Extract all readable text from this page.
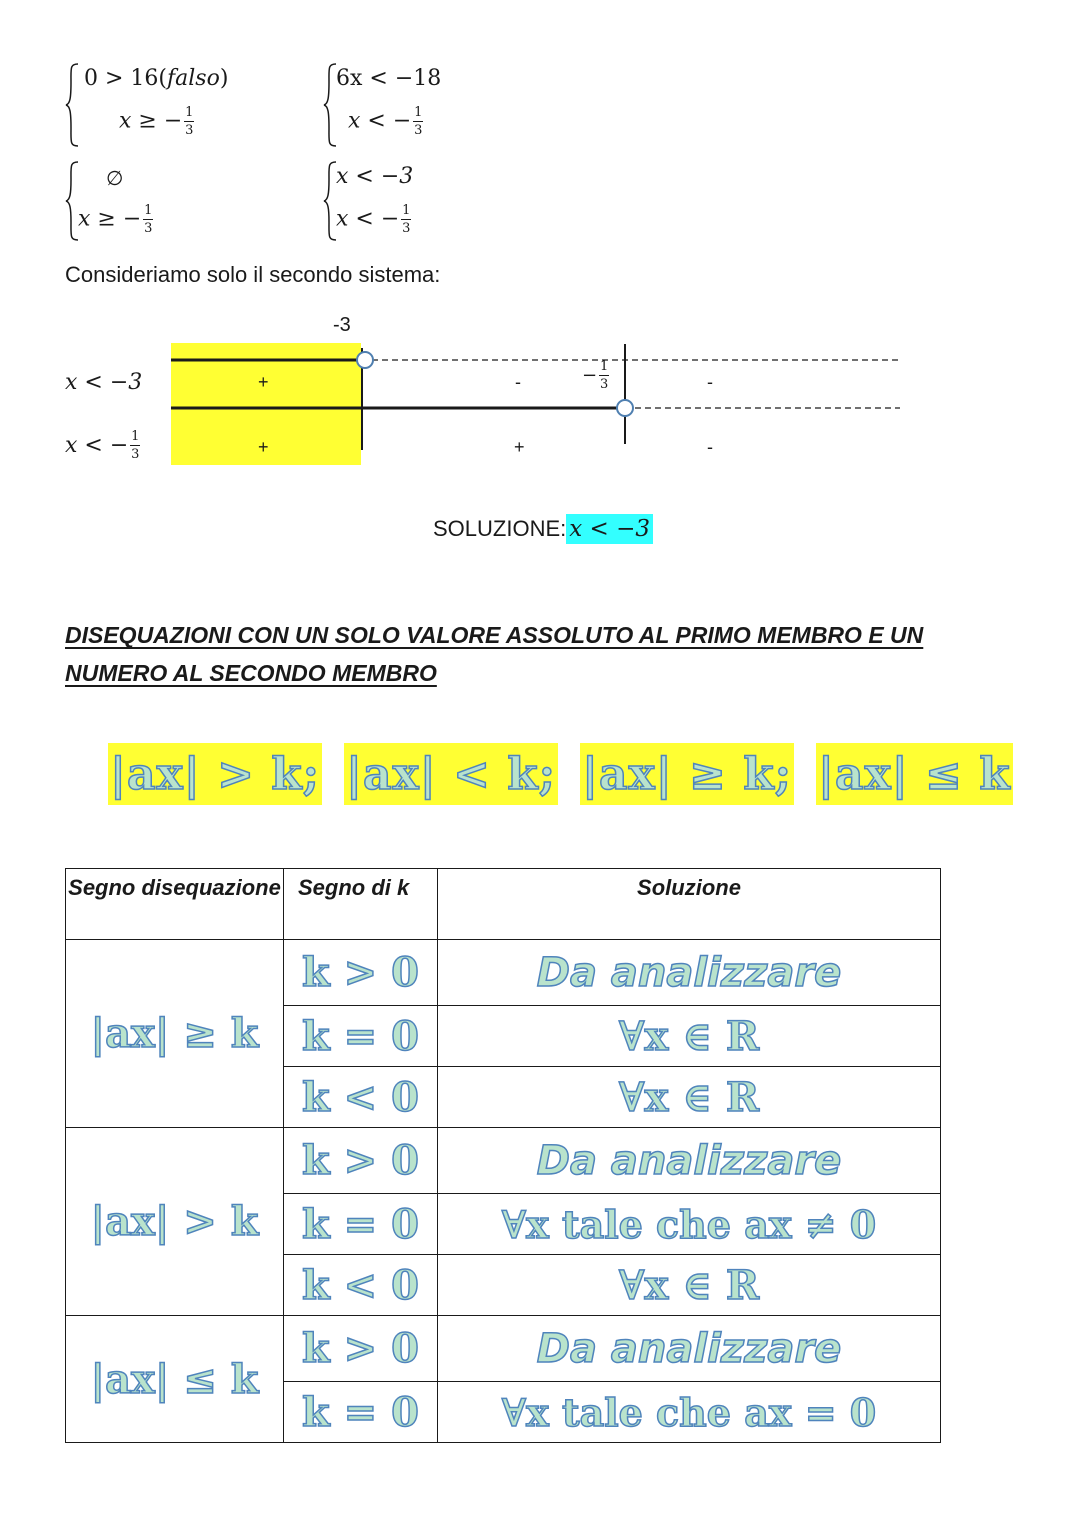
0 > 16(falso)
x ≥ − $\frac{1}{3}$
6x < −18
x < − $\frac{1}{3}$
∅
x ≥ − $\frac{1}{3}$
x < −3
x < − $\frac{1}{3}$
Consideriamo solo il secondo sistema:
-3
− $\frac{1}{3}$
x < −3
x < − $\frac{1}{3}$
+	-	-
+	+	-
SOLUZIONE: x < −3
DISEQUAZIONI CON UN SOLO VALORE ASSOLUTO AL PRIMO MEMBRO E UN
NUMERO AL SECONDO MEMBRO
|ax| > k; |ax| < k; |ax| ≥ k; |ax| ≤ k
Segno disequazione	Segno di k	Soluzione
|ax| ≥ k	k > 0	Da analizzare
	k = 0	∀x ∈ R
	k < 0	∀x ∈ R
|ax| > k	k > 0	Da analizzare
	k = 0	∀x tale che ax ≠ 0
	k < 0	∀x ∈ R
|ax| ≤ k	k > 0	Da analizzare
	k = 0	∀x tale che ax = 0
